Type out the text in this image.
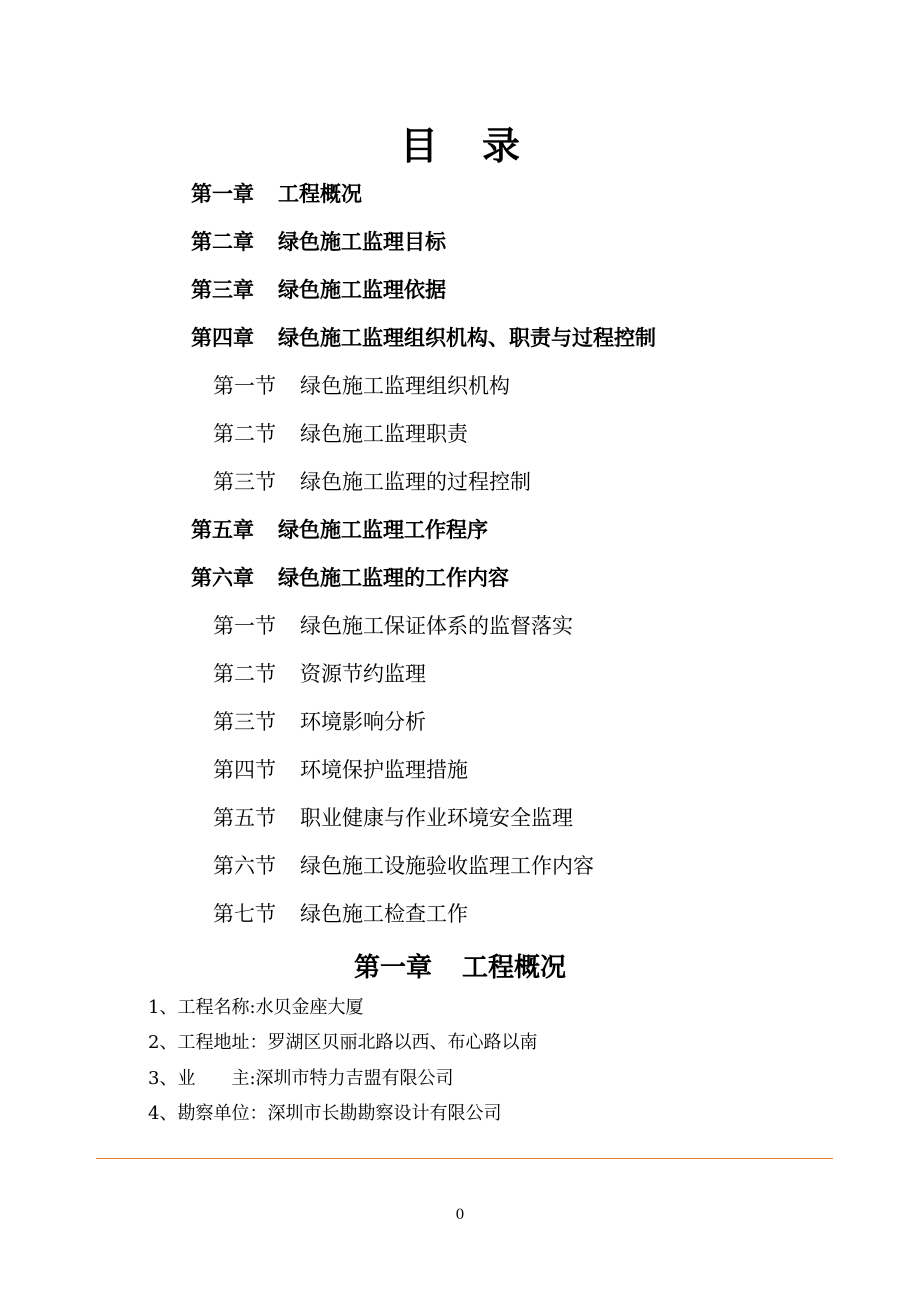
目 录
第一章 工程概况
第二章 绿色施工监理目标
第三章 绿色施工监理依据
第四章 绿色施工监理组织机构、职责与过程控制
第一节 绿色施工监理组织机构
第二节 绿色施工监理职责
第三节 绿色施工监理的过程控制
第五章 绿色施工监理工作程序
第六章 绿色施工监理的工作内容
第一节 绿色施工保证体系的监督落实
第二节 资源节约监理
第三节 环境影响分析
第四节 环境保护监理措施
第五节 职业健康与作业环境安全监理
第六节 绿色施工设施验收监理工作内容
第七节 绿色施工检查工作
第一章 工程概况
1、工程名称:水贝金座大厦
2、工程地址：罗湖区贝丽北路以西、布心路以南
3、业　　主:深圳市特力吉盟有限公司
4、勘察单位：深圳市长勘勘察设计有限公司
0
